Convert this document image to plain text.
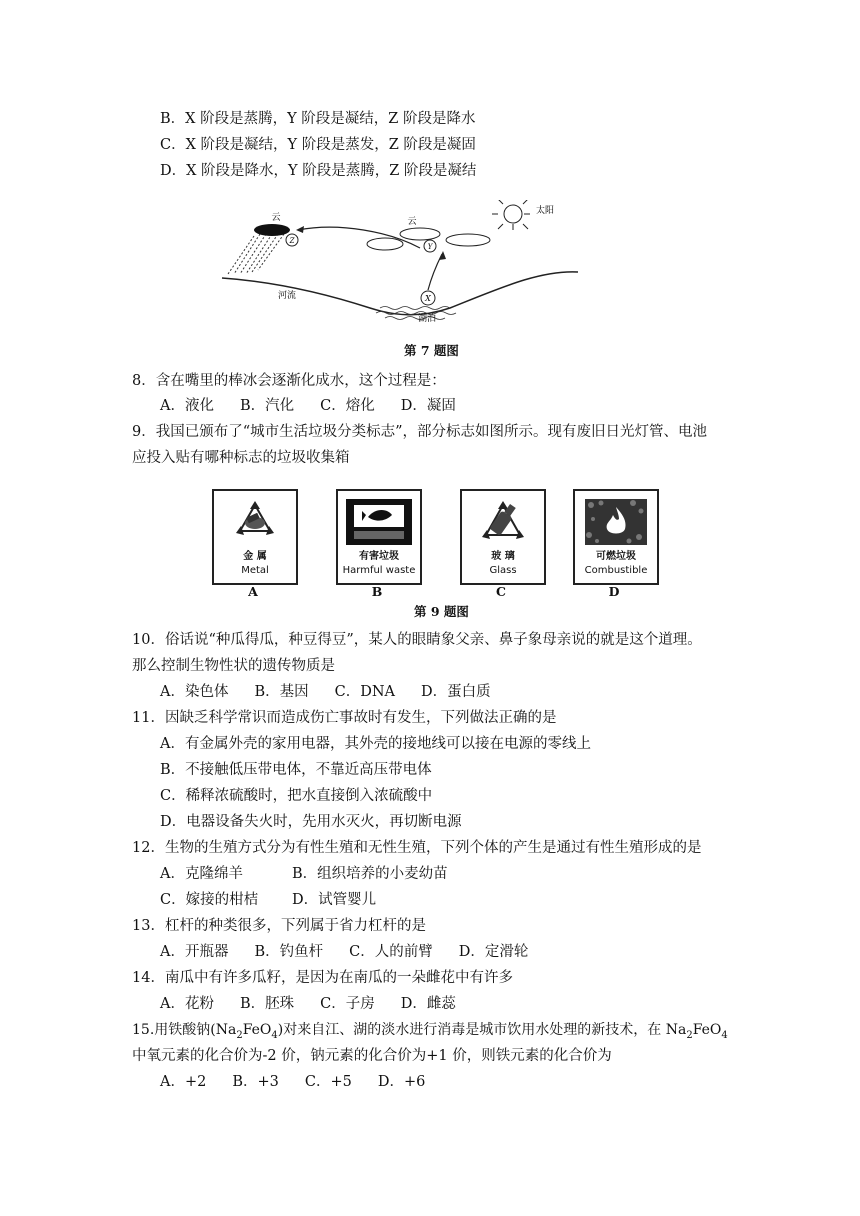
B．X 阶段是蒸腾，Y 阶段是凝结，Z 阶段是降水
C．X 阶段是凝结，Y 阶段是蒸发，Z 阶段是凝固
D．X 阶段是降水，Y 阶段是蒸腾，Z 阶段是凝结
云	云
太阳
河流
湖泊
X
Y
Z
第 7 题图
8．含在嘴里的棒冰会逐渐化成水，这个过程是：
A．液化 B．汽化 C．熔化 D．凝固
9．我国已颁布了“城市生活垃圾分类标志”，部分标志如图所示。现有废旧日光灯管、电池
应投入贴有哪种标志的垃圾收集箱
金 属
Metal
A
有害垃圾
Harmful waste
B
玻 璃
Glass
C
可燃垃圾
Combustible
D
第 9 题图
10．俗话说“种瓜得瓜，种豆得豆”，某人的眼睛象父亲、鼻子象母亲说的就是这个道理。
那么控制生物性状的遗传物质是
A．染色体 B．基因 C．DNA D．蛋白质
11．因缺乏科学常识而造成伤亡事故时有发生，下列做法正确的是
A．有金属外壳的家用电器，其外壳的接地线可以接在电源的零线上
B．不接触低压带电体，不靠近高压带电体
C．稀释浓硫酸时，把水直接倒入浓硫酸中
D．电器设备失火时，先用水灭火，再切断电源
12．生物的生殖方式分为有性生殖和无性生殖，下列个体的产生是通过有性生殖形成的是
A．克隆绵羊	B．组织培养的小麦幼苗
C．嫁接的柑桔 D．试管婴儿
13．杠杆的种类很多，下列属于省力杠杆的是
A．开瓶器 B．钓鱼杆 C．人的前臂 D．定滑轮
14．南瓜中有许多瓜籽，是因为在南瓜的一朵雌花中有许多
A．花粉 B．胚珠 C．子房 D．雌蕊
15.用铁酸钠$(Na_2FeO_4)$对来自江、湖的淡水进行消毒是城市饮用水处理的新技术，在 $Na_2FeO_4$
中氧元素的化合价为-2 价，钠元素的化合价为+1 价，则铁元素的化合价为
A．+2 B．+3 C．+5 D．+6
